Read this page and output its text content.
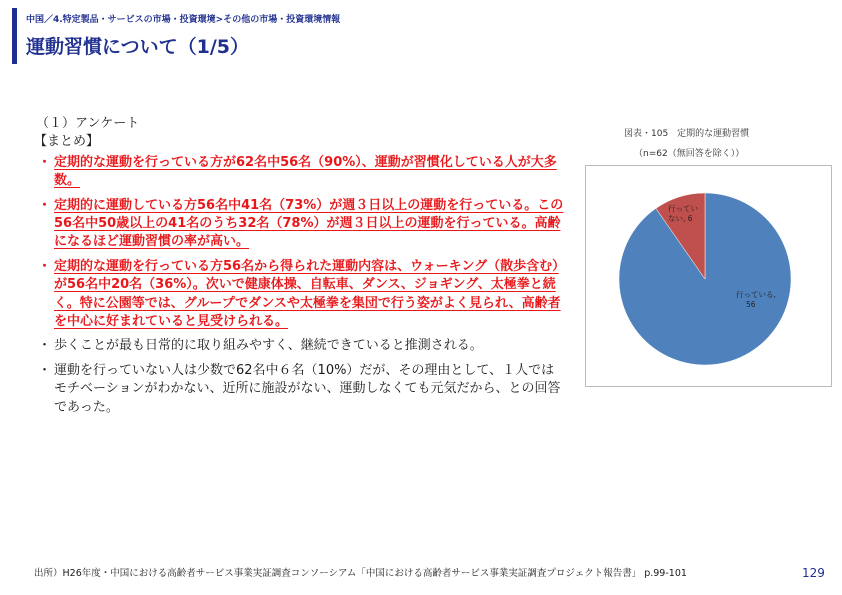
中国／4.特定製品・サービスの市場・投資環境>その他の市場・投資環境情報
運動習慣について（1/5）
（１）アンケート
【まとめ】
・ 定期的な運動を行っている方が62名中56名（90%）、運動が習慣化している人が大多数。
・ 定期的に運動している方56名中41名（73%）が週３日以上の運動を行っている。この56名中50歳以上の41名のうち32名（78%）が週３日以上の運動を行っている。高齢になるほど運動習慣の率が高い。
・ 定期的な運動を行っている方56名から得られた運動内容は、ウォーキング（散歩含む）が56名中20名（36%）。次いで健康体操、自転車、ダンス、ジョギング、太極拳と続く。特に公園等では、グループでダンスや太極拳を集団で行う姿がよく見られ、高齢者を中心に好まれていると見受けられる。
・ 歩くことが最も日常的に取り組みやすく、継続できていると推測される。
・ 運動を行っていない人は少数で62名中６名（10%）だが、その理由として、１人ではモチベーションがわかない、近所に施設がない、運動しなくても元気だから、との回答であった。
図表・105　定期的な運動習慣
（n=62（無回答を除く））
行っている, 56
行っていない, 6
出所）H26年度・中国における高齢者サービス事業実証調査コンソーシアム「中国における高齢者サービス事業実証調査プロジェクト報告書」 p.99-101	129
